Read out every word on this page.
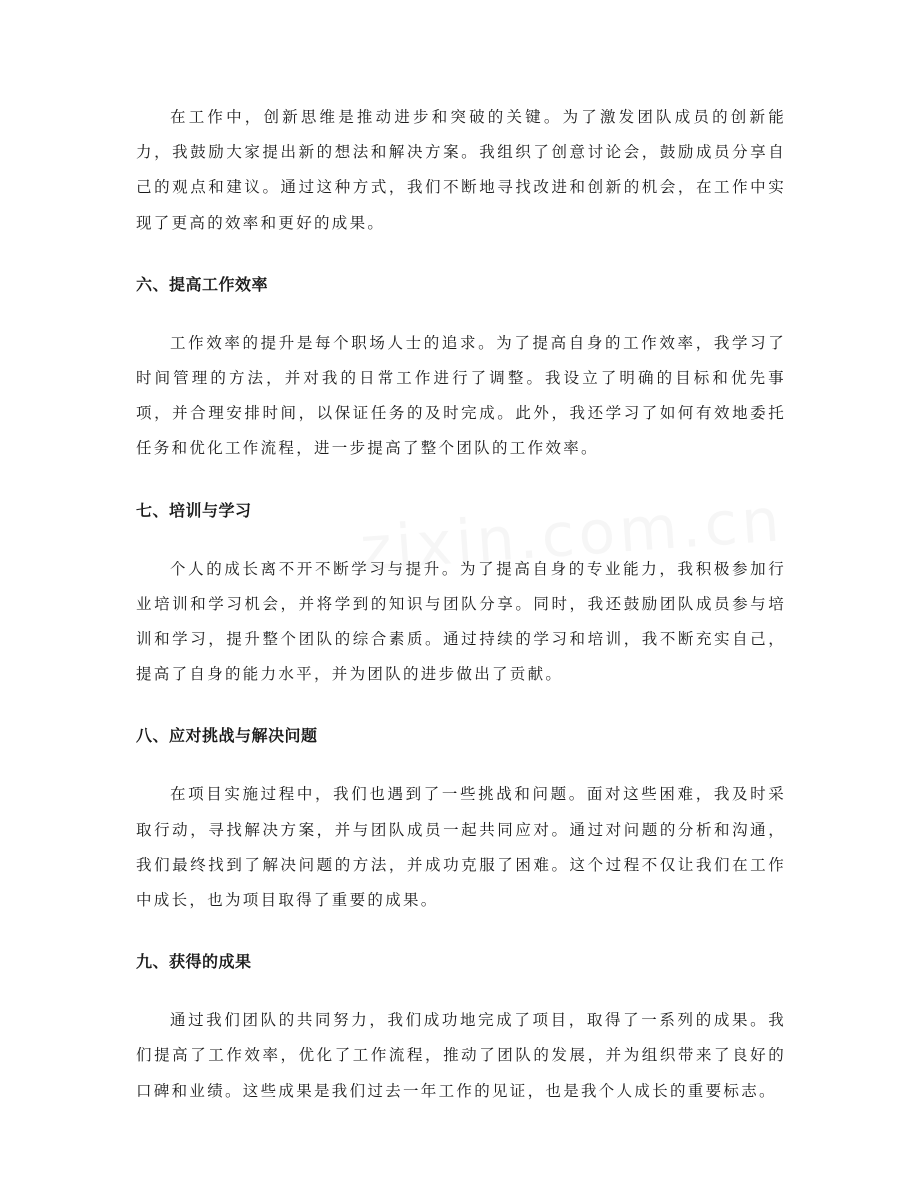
在工作中，创新思维是推动进步和突破的关键。为了激发团队成员的创新能力，我鼓励大家提出新的想法和解决方案。我组织了创意讨论会，鼓励成员分享自己的观点和建议。通过这种方式，我们不断地寻找改进和创新的机会，在工作中实现了更高的效率和更好的成果。

六、提高工作效率

工作效率的提升是每个职场人士的追求。为了提高自身的工作效率，我学习了时间管理的方法，并对我的日常工作进行了调整。我设立了明确的目标和优先事项，并合理安排时间，以保证任务的及时完成。此外，我还学习了如何有效地委托任务和优化工作流程，进一步提高了整个团队的工作效率。

七、培训与学习

个人的成长离不开不断学习与提升。为了提高自身的专业能力，我积极参加行业培训和学习机会，并将学到的知识与团队分享。同时，我还鼓励团队成员参与培训和学习，提升整个团队的综合素质。通过持续的学习和培训，我不断充实自己，提高了自身的能力水平，并为团队的进步做出了贡献。

八、应对挑战与解决问题

在项目实施过程中，我们也遇到了一些挑战和问题。面对这些困难，我及时采取行动，寻找解决方案，并与团队成员一起共同应对。通过对问题的分析和沟通，我们最终找到了解决问题的方法，并成功克服了困难。这个过程不仅让我们在工作中成长，也为项目取得了重要的成果。

九、获得的成果

通过我们团队的共同努力，我们成功地完成了项目，取得了一系列的成果。我们提高了工作效率，优化了工作流程，推动了团队的发展，并为组织带来了良好的口碑和业绩。这些成果是我们过去一年工作的见证，也是我个人成长的重要标志。
